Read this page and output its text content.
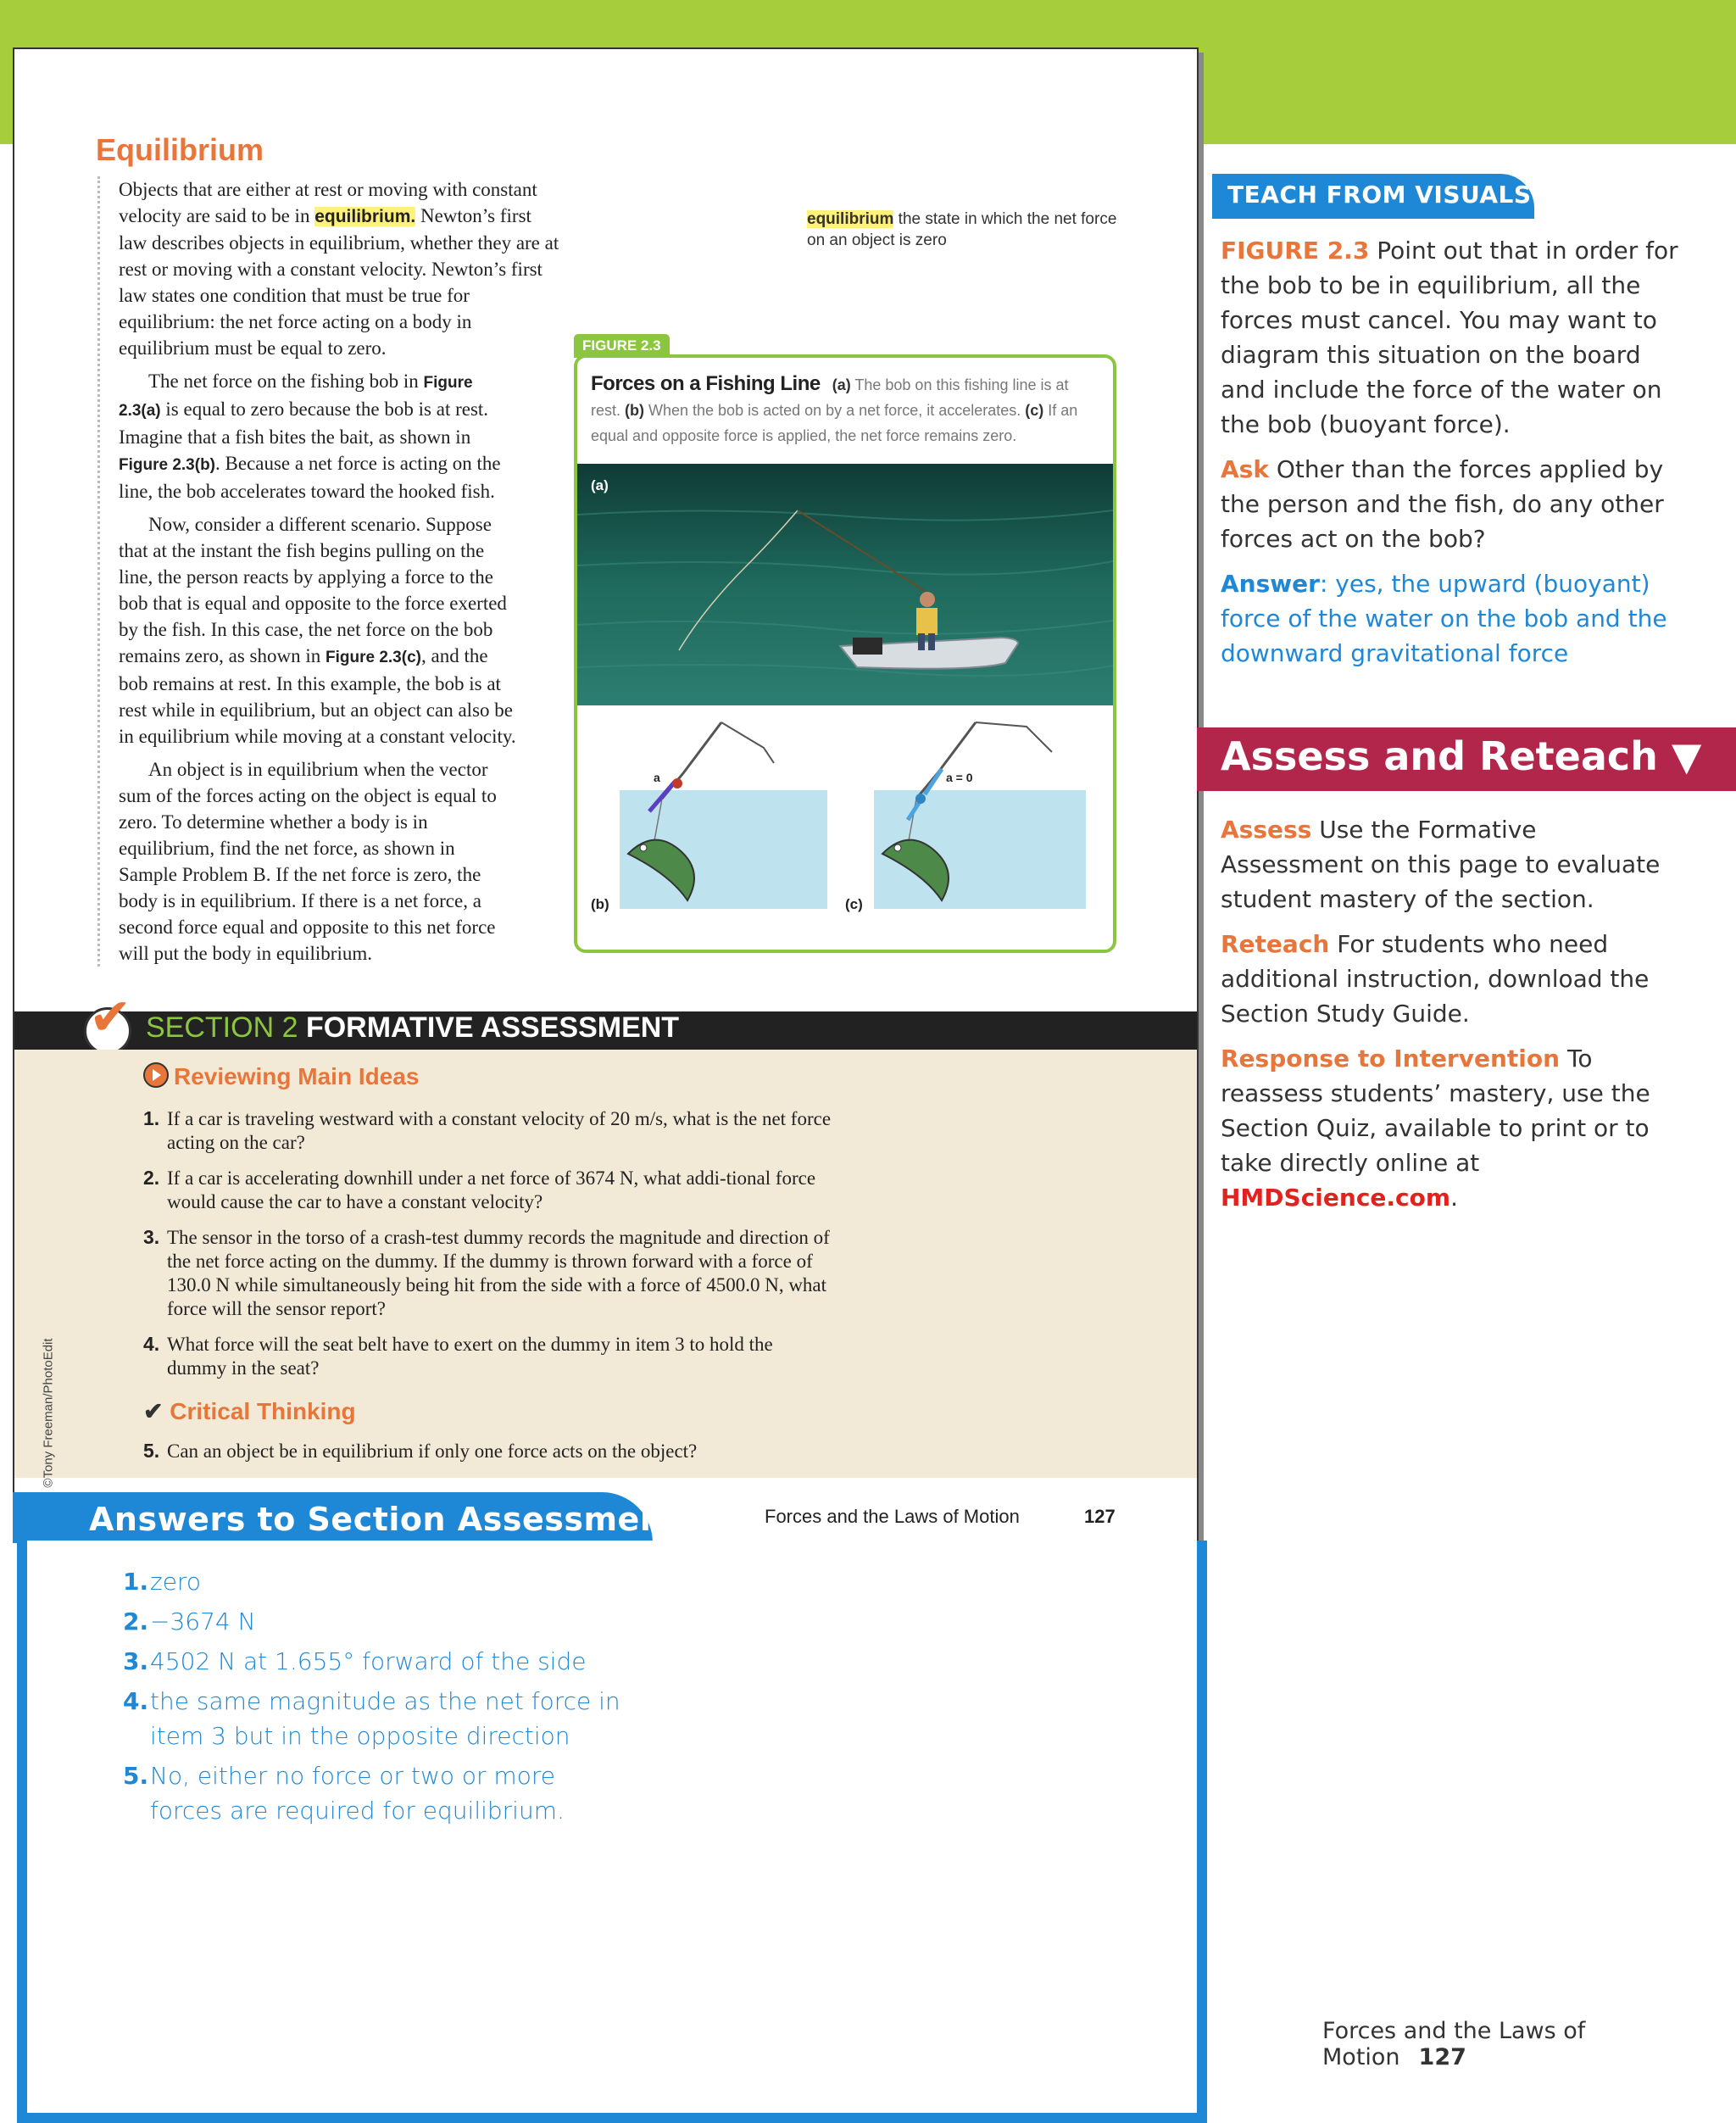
Equilibrium

Objects that are either at rest or moving with constant velocity are said to be in equilibrium. Newton’s first law describes objects in equilibrium, whether they are at rest or moving with a constant velocity. Newton’s first law states one condition that must be true for equilibrium: the net force acting on a body in equilibrium must be equal to zero.

The net force on the fishing bob in Figure 2.3(a) is equal to zero because the bob is at rest. Imagine that a fish bites the bait, as shown in Figure 2.3(b). Because a net force is acting on the line, the bob accelerates toward the hooked fish.

Now, consider a different scenario. Suppose that at the instant the fish begins pulling on the line, the person reacts by applying a force to the bob that is equal and opposite to the force exerted by the fish. In this case, the net force on the bob remains zero, as shown in Figure 2.3(c), and the bob remains at rest. In this example, the bob is at rest while in equilibrium, but an object can also be in equilibrium while moving at a constant velocity.

An object is in equilibrium when the vector sum of the forces acting on the object is equal to zero. To determine whether a body is in equilibrium, find the net force, as shown in Sample Problem B. If the net force is zero, the body is in equilibrium. If there is a net force, a second force equal and opposite to this net force will put the body in equilibrium.

equilibrium the state in which the net force on an object is zero
FIGURE 2.3
Forces on a Fishing Line (a) The bob on this fishing line is at rest. (b) When the bob is acted on by a net force, it accelerates. (c) If an equal and opposite force is applied, the net force remains zero.
(a)
a	a = 0
(b)	(c)
✔ SECTION 2 FORMATIVE ASSESSMENT
Reviewing Main Ideas
1. If a car is traveling westward with a constant velocity of 20 m/s, what is the net force acting on the car?
2. If a car is accelerating downhill under a net force of 3674 N, what addi-tional force would cause the car to have a constant velocity?
3. The sensor in the torso of a crash-test dummy records the magnitude and direction of the net force acting on the dummy. If the dummy is thrown forward with a force of 130.0 N while simultaneously being hit from the side with a force of 4500.0 N, what force will the sensor report?
4. What force will the seat belt have to exert on the dummy in item 3 to hold the dummy in the seat?
✔ Critical Thinking
5. Can an object be in equilibrium if only one force acts on the object?
©Tony Freeman/PhotoEdit
Forces and the Laws of Motion	127
Answers to Section Assessment
1. zero
2. −3674 N
3. 4502 N at 1.655° forward of the side
4. the same magnitude as the net force in item 3 but in the opposite direction
5. No, either no force or two or more forces are required for equilibrium.
TEACH FROM VISUALS

FIGURE 2.3 Point out that in order for the bob to be in equilibrium, all the forces must cancel. You may want to diagram this situation on the board and include the force of the water on the bob (buoyant force).

Ask Other than the forces applied by the person and the fish, do any other forces act on the bob?

Answer: yes, the upward (buoyant) force of the water on the bob and the downward gravitational force

Assess and Reteach ▼

Assess Use the Formative Assessment on this page to evaluate student mastery of the section.

Reteach For students who need additional instruction, download the Section Study Guide.

Response to Intervention To reassess students’ mastery, use the Section Quiz, available to print or to take directly online at HMDScience.com.

Forces and the Laws of Motion 127
